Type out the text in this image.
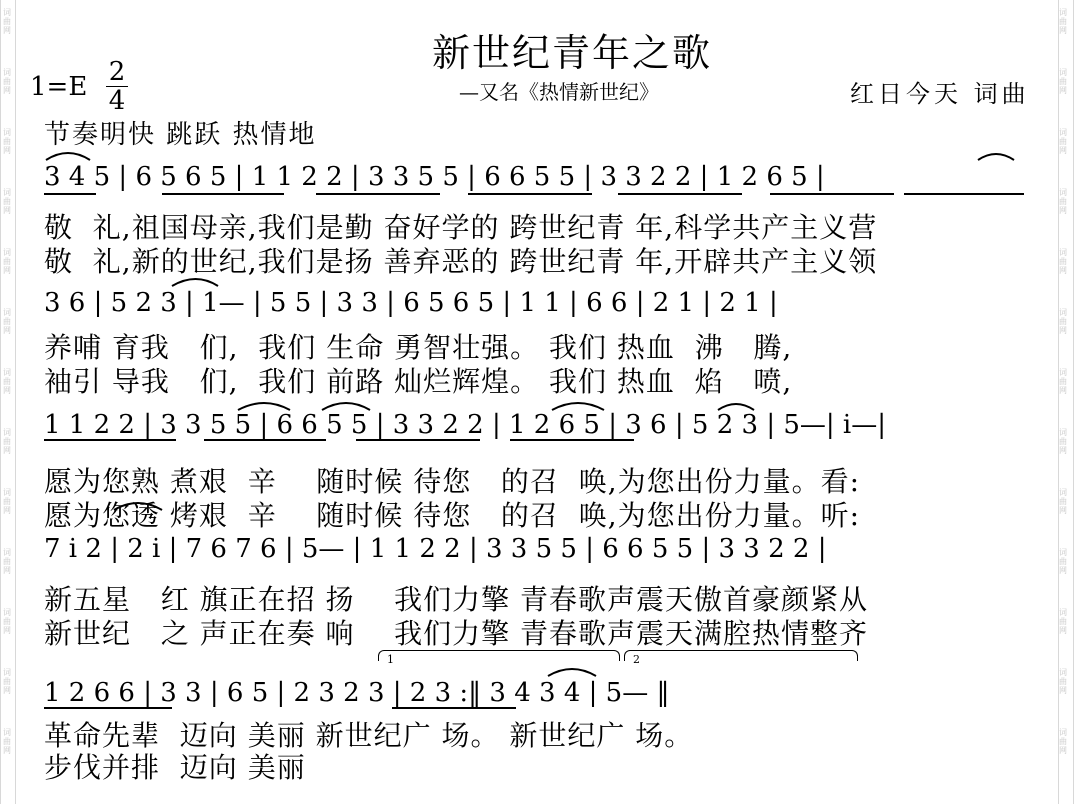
词
曲
网
词
曲
网
词
曲
网
词
曲
网
词
曲
网
词
曲
网
词
曲
网
词
曲
网
词
曲
网
词
曲
网
词
曲
网
词
曲
网
词
曲
网
词
曲
网
词
曲
网
词
曲
网
词
曲
网
词
曲
网
词
曲
网
词
曲
网
词
曲
网
词
曲
网
词
曲
网
词
曲
网
词
曲
网
词
曲
网
新世纪青年之歌
—又名《热情新世纪》	红日今天 词曲
1=E 2
4
节奏明快 跳跃 热情地
3 4 5 | 6 5 6 5 | 1 1 2 2 | 3 3 5 5 | 6 6 5 5 | 3 3 2 2 | 1 2 6 5 |
敬  礼,祖国母亲,我们是勤 奋好学的 跨世纪青 年,科学共产主义营
敬  礼,新的世纪,我们是扬 善弃恶的 跨世纪青 年,开辟共产主义领
3 6 | 5 2 3 | 1— | 5 5 | 3 3 | 6 5 6 5 | 1 1 | 6 6 | 2 1 | 2 1 |
养哺 育我   们,  我们 生命 勇智壮强。 我们 热血  沸   腾,
袖引 导我   们,  我们 前路 灿烂辉煌。 我们 热血  焰   喷,
1 1 2 2 | 3 3 5 5 | 6 6 5 5 | 3 3 2 2 | 1 2 6 5 | 3 6 | 5 2 3 | 5—| i—|
愿为您熟 煮艰  辛    随时候 待您   的召  唤,为您出份力量。看:
愿为您透 烤艰  辛    随时候 待您   的召  唤,为您出份力量。听:
7 i 2 | 2 i | 7 6 7 6 | 5— | 1 1 2 2 | 3 3 5 5 | 6 6 5 5 | 3 3 2 2 |
新五星   红 旗正在招 扬    我们力擎 青春歌声震天傲首豪颜紧从
新世纪   之 声正在奏 响    我们力擎 青春歌声震天满腔热情整齐
1	2
1 2 6 6 | 3 3 | 6 5 | 2 3 2 3 | 2 3 :‖ 3 4 3 4 | 5— ‖
革命先辈  迈向 美丽 新世纪广 场。 新世纪广 场。
步伐并排  迈向 美丽
